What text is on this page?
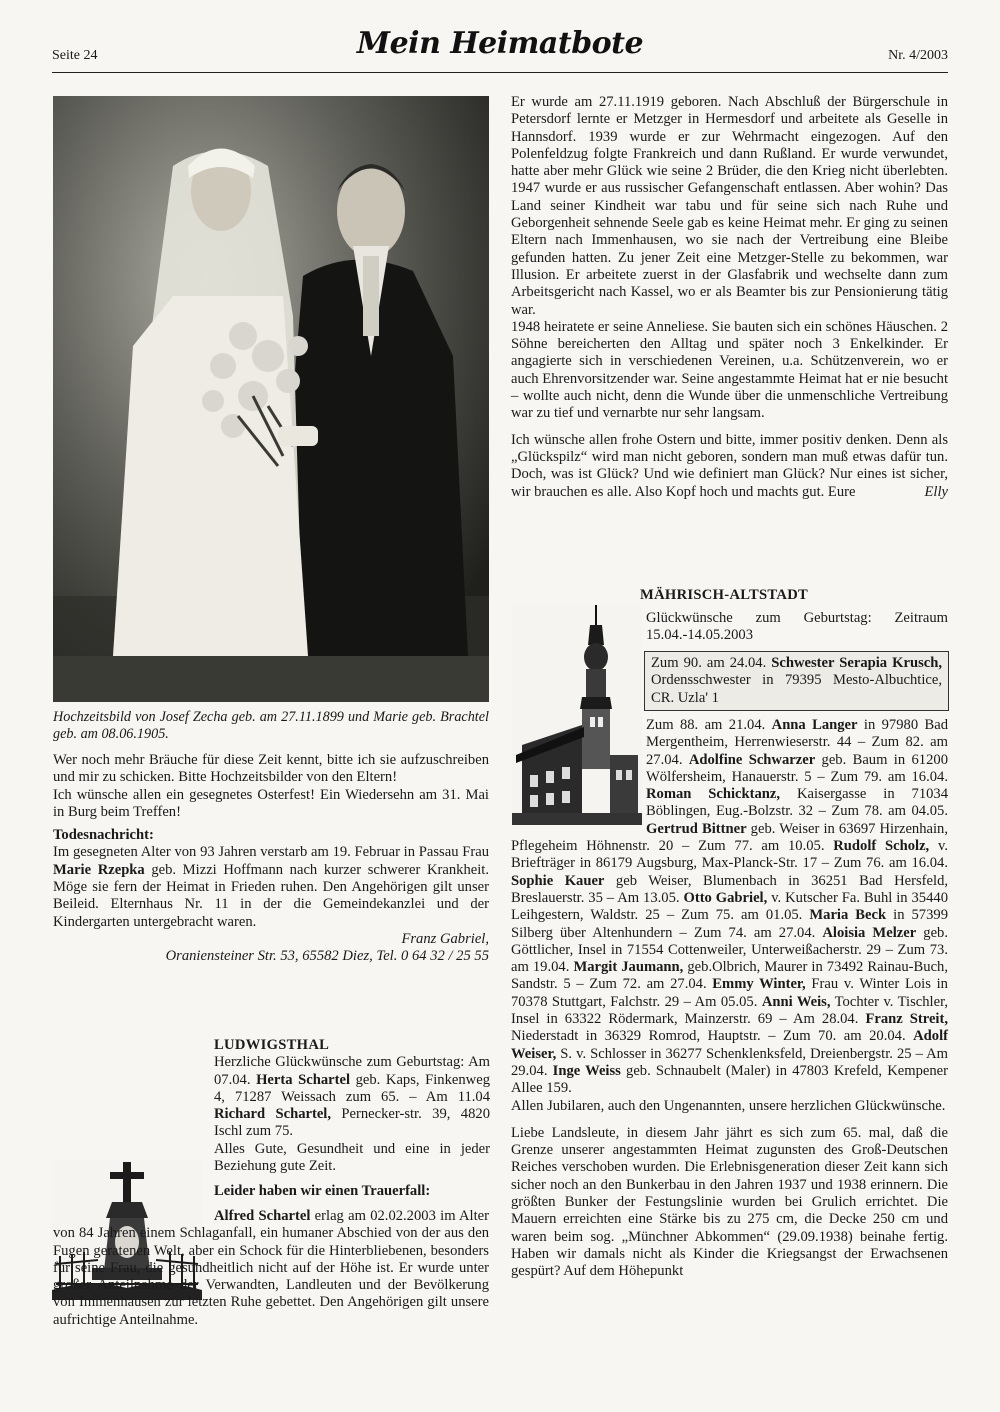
Seite 24	Mein Heimatbote	Nr. 4/2003
Hochzeitsbild von Josef Zecha geb. am 27.11.1899 und Marie geb. Brachtel geb. am 08.06.1905.

Wer noch mehr Bräuche für diese Zeit kennt, bitte ich sie aufzuschreiben und mir zu schicken. Bitte Hochzeitsbilder von den Eltern!

Ich wünsche allen ein gesegnetes Osterfest! Ein Wiedersehn am 31. Mai in Burg beim Treffen!

Todesnachricht:

Im gesegneten Alter von 93 Jahren verstarb am 19. Februar in Passau Frau Marie Rzepka geb. Mizzi Hoffmann nach kurzer schwerer Krankheit. Möge sie fern der Heimat in Frieden ruhen. Den Angehörigen gilt unser Beileid. Elternhaus Nr. 11 in der die Gemeindekanzlei und der Kindergarten untergebracht waren.

Franz Gabriel,

Oraniensteiner Str. 53, 65582 Diez, Tel. 0 64 32 / 25 55

LUDWIGSTHAL

Herzliche Glückwünsche zum Geburtstag: Am 07.04. Herta Schartel geb. Kaps, Finkenweg 4, 71287 Weissach zum 65. – Am 11.04 Richard Schartel, Pernecker-str. 39, 4820 Ischl zum 75.

Alles Gute, Gesundheit und eine in jeder Beziehung gute Zeit.

Leider haben wir einen Trauerfall:

Alfred Schartel erlag am 02.02.2003 im Alter von 84 Jahren einem Schlaganfall, ein humaner Abschied von der aus den Fugen geratenen Welt, aber ein Schock für die Hinterbliebenen, besonders für seine Frau, die gesundheitlich nicht auf der Höhe ist. Er wurde unter großer Anteilnahme der Verwandten, Landleuten und der Bevölkerung von Immenhausen zur letzten Ruhe gebettet. Den Angehörigen gilt unsere aufrichtige Anteilnahme.

Er wurde am 27.11.1919 geboren. Nach Abschluß der Bürgerschule in Petersdorf lernte er Metzger in Hermesdorf und arbeitete als Geselle in Hannsdorf. 1939 wurde er zur Wehrmacht eingezogen. Auf den Polenfeldzug folgte Frankreich und dann Rußland. Er wurde verwundet, hatte aber mehr Glück wie seine 2 Brüder, die den Krieg nicht überlebten. 1947 wurde er aus russischer Gefangenschaft entlassen. Aber wohin? Das Land seiner Kindheit war tabu und für seine sich nach Ruhe und Geborgenheit sehnende Seele gab es keine Heimat mehr. Er ging zu seinen Eltern nach Immenhausen, wo sie nach der Vertreibung eine Bleibe gefunden hatten. Zu jener Zeit eine Metzger-Stelle zu bekommen, war Illusion. Er arbeitete zuerst in der Glasfabrik und wechselte dann zum Arbeitsgericht nach Kassel, wo er als Beamter bis zur Pensionierung tätig war.

1948 heiratete er seine Anneliese. Sie bauten sich ein schönes Häuschen. 2 Söhne bereicherten den Alltag und später noch 3 Enkelkinder. Er angagierte sich in verschiedenen Vereinen, u.a. Schützenverein, wo er auch Ehrenvorsitzender war. Seine angestammte Heimat hat er nie besucht – wollte auch nicht, denn die Wunde über die unmenschliche Vertreibung war zu tief und vernarbte nur sehr langsam.

Ich wünsche allen frohe Ostern und bitte, immer positiv denken. Denn als „Glückspilz“ wird man nicht geboren, sondern man muß etwas dafür tun. Doch, was ist Glück? Und wie definiert man Glück? Nur eines ist sicher, wir brauchen es alle. Also Kopf hoch und machts gut. Eure	Elly

MÄHRISCH-ALTSTADT

Glückwünsche zum Geburtstag: Zeitraum 15.04.-14.05.2003

Zum 90. am 24.04. Schwester Serapia Krusch, Ordensschwester in 79395 Mesto-Albuchtice, CR. Uzla' 1

Zum 88. am 21.04. Anna Langer in 97980 Bad Mergentheim, Herrenwieserstr. 44 – Zum 82. am 27.04. Adolfine Schwarzer geb. Baum in 61200 Wölfersheim, Hanauerstr. 5 – Zum 79. am 16.04. Roman Schicktanz, Kaisergasse in 71034 Böblingen, Eug.-Bolzstr. 32 – Zum 78. am 04.05. Gertrud Bittner geb. Weiser in 63697 Hirzenhain, Pflegeheim Höhnenstr. 20 – Zum 77. am 10.05. Rudolf Scholz, v. Briefträger in 86179 Augsburg, Max-Planck-Str. 17 – Zum 76. am 16.04. Sophie Kauer geb Weiser, Blumenbach in 36251 Bad Hersfeld, Breslauerstr. 35 – Am 13.05. Otto Gabriel, v. Kutscher Fa. Buhl in 35440 Leihgestern, Waldstr. 25 – Zum 75. am 01.05. Maria Beck in 57399 Silberg über Altenhundern – Zum 74. am 27.04. Aloisia Melzer geb. Göttlicher, Insel in 71554 Cottenweiler, Unterweißacherstr. 29 – Zum 73. am 19.04. Margit Jaumann, geb.Olbrich, Maurer in 73492 Rainau-Buch, Sandstr. 5 – Zum 72. am 27.04. Emmy Winter, Frau v. Winter Lois in 70378 Stuttgart, Falchstr. 29 – Am 05.05. Anni Weis, Tochter v. Tischler, Insel in 63322 Rödermark, Mainzerstr. 69 – Am 28.04. Franz Streit, Niederstadt in 36329 Romrod, Hauptstr. – Zum 70. am 20.04. Adolf Weiser, S. v. Schlosser in 36277 Schenklenksfeld, Dreienbergstr. 25 – Am 29.04. Inge Weiss geb. Schnaubelt (Maler) in 47803 Krefeld, Kempener Allee 159.

Allen Jubilaren, auch den Ungenannten, unsere herzlichen Glückwünsche.

Liebe Landsleute, in diesem Jahr jährt es sich zum 65. mal, daß die Grenze unserer angestammten Heimat zugunsten des Groß-Deutschen Reiches verschoben wurden. Die Erlebnisgeneration dieser Zeit kann sich sicher noch an den Bunkerbau in den Jahren 1937 und 1938 erinnern. Die größten Bunker der Festungslinie wurden bei Grulich errichtet. Die Mauern erreichten eine Stärke bis zu 275 cm, die Decke 250 cm und waren beim sog. „Münchner Abkommen“ (29.09.1938) beinahe fertig. Haben wir damals nicht als Kinder die Kriegsangst der Erwachsenen gespürt? Auf dem Höhepunkt
